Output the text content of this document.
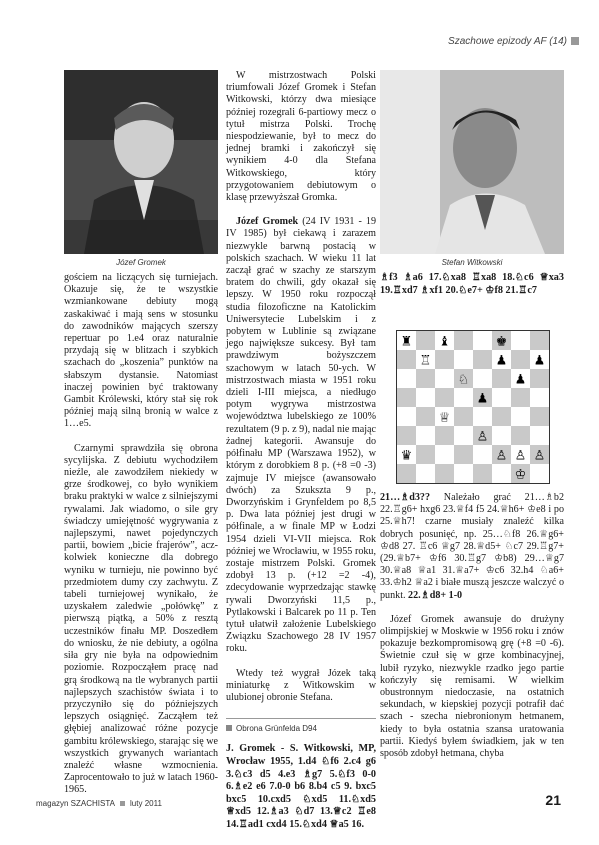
Szachowe epizody AF (14)
Józef Gromek	Stefan Witkowski

gościem na liczących się turniejach. Okazuje się, że te wszystkie wzmiankowane debiuty mogą zaskakiwać i mają sens w stosunku do zawodników mających szerszy repertuar po 1.e4 oraz naturalnie przydają się w blitzach i szybkich szachach do „koszenia” punktów na słabszym dystansie. Natomiast inaczej powinien być traktowany Gambit Królewski, który stał się rok później mają silną bronią w walce z 1…e5.

Czarnymi sprawdziła się obrona sycylijska. Z debiutu wychodziłem nieźle, ale zawodziłem niekiedy w grze środkowej, co było wynikiem braku praktyki w walce z silniejszymi rywalami. Jak wiadomo, o sile gry świadczy umiejętność wygrywania z najlepszymi, nawet pojedynczych partii, bowiem „bicie frajerów”, aczkolwiek konieczne dla dobrego wyniku w turnieju, nie powinno być przedmiotem dumy czy zachwytu. Z tabeli turniejowej wynikało, że uzyskałem zaledwie „połówkę” z pierwszą piątką, a 50% z resztą uczestników finału MP. Doszedłem do wniosku, że nie debiuty, a ogólna siła gry nie była na odpowiednim poziomie. Rozpocząłem pracę nad grą środkową na tle wybranych partii najlepszych szachistów świata i to przyczyniło się do późniejszych lepszych osiągnięć. Zacząłem też głębiej analizować różne pozycje gambitu królewskiego, starając się we wszystkich grywanych wariantach znaleźć własne wzmocnienia. Zaprocentowało to już w latach 1960-1965.

W mistrzostwach Polski triumfowali Józef Gromek i Stefan Witkowski, którzy dwa miesiące później rozegrali 6-partiowy mecz o tytuł mistrza Polski. Trochę niespodziewanie, był to mecz do jednej bramki i zakończył się wynikiem 4-0 dla Stefana Witkowskiego, który przygotowaniem debiutowym o klasę przewyższał Gromka.

Józef Gromek (24 IV 1931 - 19 IV 1985) był ciekawą i zarazem niezwykle barwną postacią w polskich szachach. W wieku 11 lat zaczął grać w szachy ze starszym bratem do chwili, gdy okazał się lepszy. W 1950 roku rozpoczął studia filozoficzne na Katolickim Uniwersytecie Lubelskim i z pobytem w Lublinie są związane jego największe sukcesy. Był tam prawdziwym bożyszczem szachowym w latach 50-ych. W mistrzostwach miasta w 1951 roku dzieli I-III miejsca, a niedługo potym wygrywa mistrzostwa województwa lubelskiego ze 100% rezultatem (9 p. z 9), nadal nie mając żadnej kategorii. Awansuje do półfinału MP (Warszawa 1952), w którym z dorobkiem 8 p. (+8 =0 -3) zajmuje IV miejsce (awansowało dwóch) za Szukszta 9 p., Dworzyńskim i Grynfeldem po 8,5 p. Dwa lata później jest drugi w półfinale, a w finale MP w Łodzi 1954 dzieli VI-VII miejsca. Rok później we Wrocławiu, w 1955 roku, zostaje mistrzem Polski. Gromek zdobył 13 p. (+12 =2 -4), zdecydowanie wyprzedzając stawkę rywali Dworzyński 11,5 p., Pytlakowski i Balcarek po 11 p. Ten tytuł ułatwił założenie Lubelskiego Związku Szachowego 28 IV 1957 roku.

Wtedy też wygrał Józek taką miniaturkę z Witkowskim w ulubionej obronie Stefana.

Obrona Grünfelda D94
J. Gromek - S. Witkowski, MP, Wrocław 1955, 1.d4 ♘f6 2.c4 g6 3.♘c3 d5 4.e3 ♗g7 5.♘f3 0-0 6.♗e2 e6 7.0-0 b6 8.b4 c5 9. bxc5 bxc5 10.cxd5 ♘xd5 11.♘xd5 ♕xd5 12.♗a3 ♘d7 13.♕c2 ♖e8 14.♖ad1 cxd4 15.♘xd4 ♕a5 16.
♗f3 ♗a6 17.♘xa8 ♖xa8 18.♘c6 ♕xa3 19.♖xd7 ♗xf1 20.♘e7+ ♔f8 21.♖c7
♜ ♝	♚
♖	♟ ♟
♘	♟
♟
♕
♙
♙ ♙ ♙
♔
♛

21…♗d3?? Należało grać 21…♗b2 22.♖g6+ hxg6 23.♕f4 f5 24.♕h6+ ♔e8 i po 25.♕h7! czarne musiały znaleźć kilka dobrych posunięć, np. 25…♘f8 26.♕g6+ ♔d8 27. ♖c6 ♕g7 28.♕d5+ ♘c7 29.♖g7+ (29.♕b7+ ♔f6 30.♖g7 ♔b8) 29…♕g7 30.♕a8 ♕a1 31.♕a7+ ♔c6 32.h4 ♘a6+ 33.♔h2 ♕a2 i białe muszą jeszcze walczyć o punkt. 22.♗d8+ 1-0

Józef Gromek awansuje do drużyny olimpijskiej w Moskwie w 1956 roku i znów pokazuje bezkompromisową grę (+8 =0 -6). Świetnie czuł się w grze kombinacyjnej, lubił ryzyko, niezwykle rzadko jego partie kończyły się remisami. W wielkim obustronnym niedoczasie, na ostatnich sekundach, w kiepskiej pozycji potrafił dać szach - szecha niebronionym hetmanem, kiedy to była ostatnia szansa uratowania partii. Kiedyś byłem świadkiem, jak w ten sposób zdobył hetmana, chyba

magazyn SZACHISTA luty 2011	21
